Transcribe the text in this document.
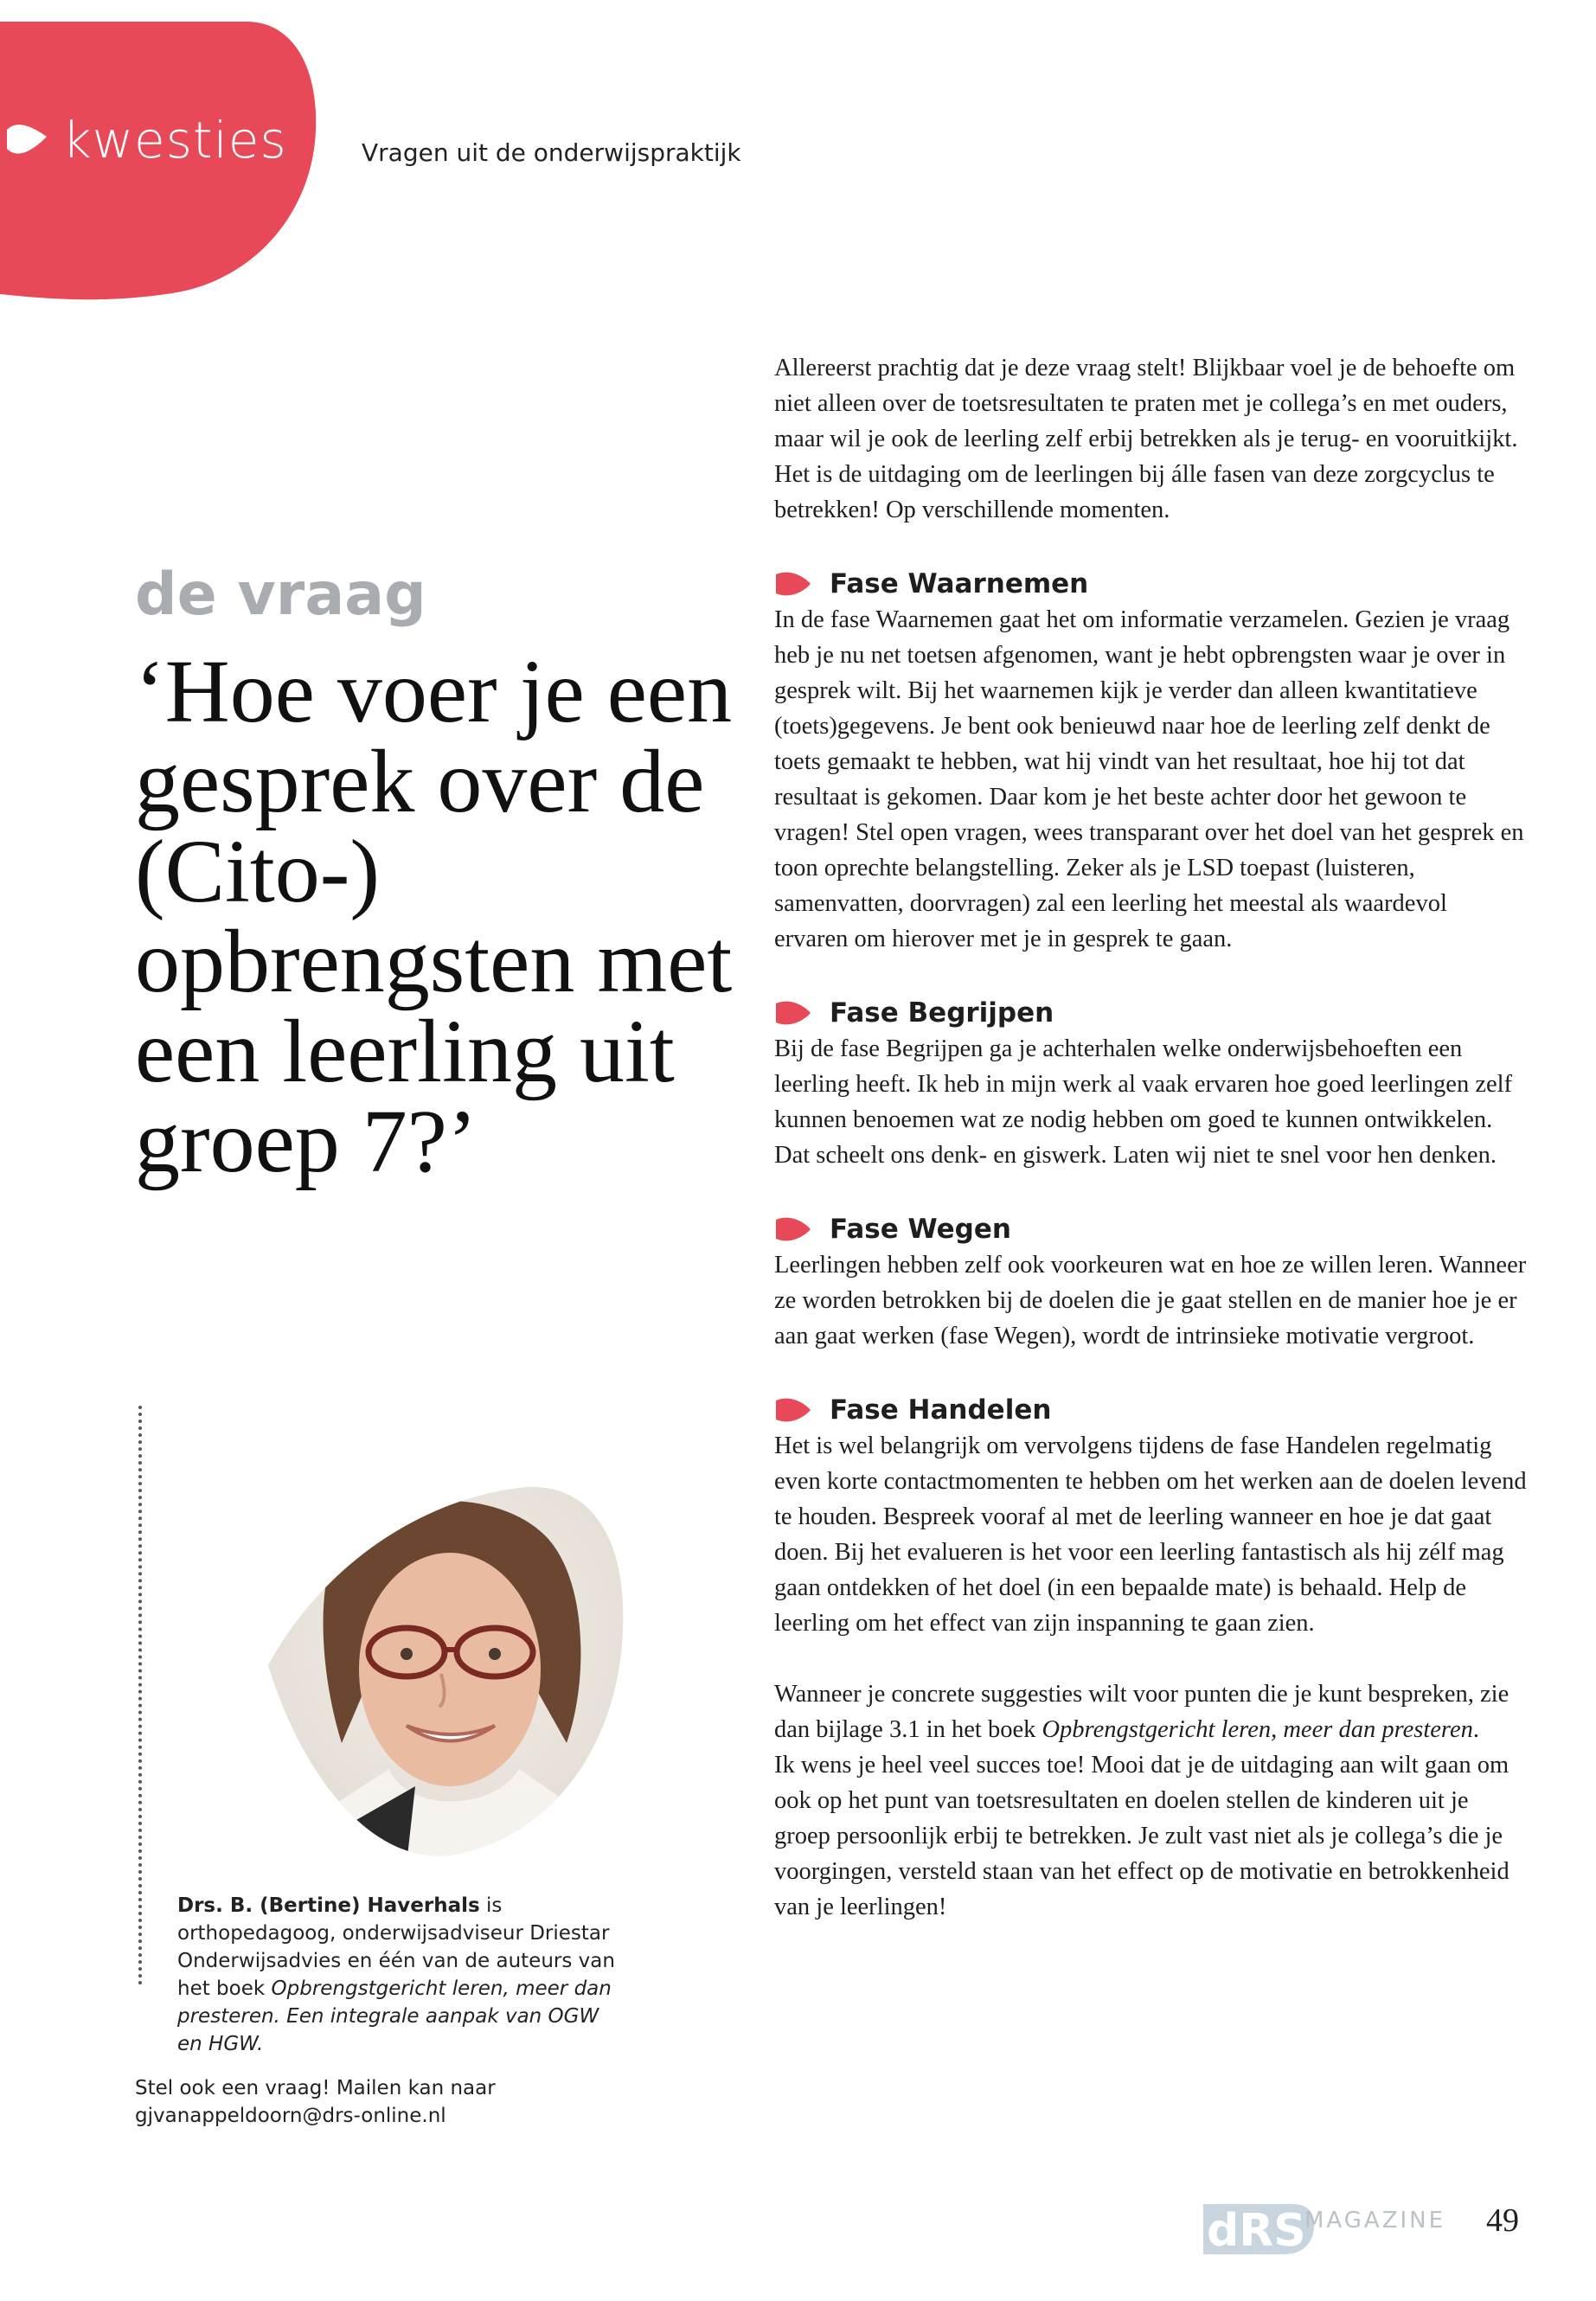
kwesties	Vragen uit de onderwijspraktijk
de vraag
‘Hoe voer je een gesprek over de (Cito-) opbrengsten met een leerling uit groep 7?’
Drs. B. (Bertine) Haverhals is orthopedagoog, onderwijsadviseur Driestar Onderwijsadvies en één van de auteurs van het boek Opbrengstgericht leren, meer dan presteren. Een integrale aanpak van OGW en HGW.
Stel ook een vraag! Mailen kan naar
gjvanappeldoorn@drs-online.nl

Allereerst prachtig dat je deze vraag stelt! Blijkbaar voel je de behoefte om niet alleen over de toetsresultaten te praten met je collega’s en met ouders, maar wil je ook de leerling zelf erbij betrekken als je terug- en vooruitkijkt.

Het is de uitdaging om de leerlingen bij álle fasen van deze zorgcyclus te betrekken! Op verschillende momenten.

Fase Waarnemen

In de fase Waarnemen gaat het om informatie verzamelen. Gezien je vraag heb je nu net toetsen afgenomen, want je hebt opbrengsten waar je over in gesprek wilt. Bij het waarnemen kijk je verder dan alleen kwantitatieve (toets)gegevens. Je bent ook benieuwd naar hoe de leerling zelf denkt de toets gemaakt te hebben, wat hij vindt van het resultaat, hoe hij tot dat resultaat is gekomen. Daar kom je het beste achter door het gewoon te vragen! Stel open vragen, wees transparant over het doel van het gesprek en toon oprechte belangstelling. Zeker als je LSD toepast (luisteren, samenvatten, doorvragen) zal een leerling het meestal als waardevol ervaren om hierover met je in gesprek te gaan.

Fase Begrijpen

Bij de fase Begrijpen ga je achterhalen welke onderwijsbehoeften een leerling heeft. Ik heb in mijn werk al vaak ervaren hoe goed leerlingen zelf kunnen benoemen wat ze nodig hebben om goed te kunnen ontwikkelen. Dat scheelt ons denk- en giswerk. Laten wij niet te snel voor hen denken.

Fase Wegen

Leerlingen hebben zelf ook voorkeuren wat en hoe ze willen leren. Wanneer ze worden betrokken bij de doelen die je gaat stellen en de manier hoe je er aan gaat werken (fase Wegen), wordt de intrinsieke motivatie vergroot.

Fase Handelen

Het is wel belangrijk om vervolgens tijdens de fase Handelen regelmatig even korte contactmomenten te hebben om het werken aan de doelen levend te houden. Bespreek vooraf al met de leerling wanneer en hoe je dat gaat doen. Bij het evalueren is het voor een leerling fantastisch als hij zélf mag gaan ontdekken of het doel (in een bepaalde mate) is behaald. Help de leerling om het effect van zijn inspanning te gaan zien.

Wanneer je concrete suggesties wilt voor punten die je kunt bespreken, zie dan bijlage 3.1 in het boek Opbrengstgericht leren, meer dan presteren.

Ik wens je heel veel succes toe! Mooi dat je de uitdaging aan wilt gaan om ook op het punt van toetsresultaten en doelen stellen de kinderen uit je groep persoonlijk erbij te betrekken. Je zult vast niet als je collega’s die je voorgingen, versteld staan van het effect op de motivatie en betrokkenheid van je leerlingen!

dRS
MAGAZINE 49
